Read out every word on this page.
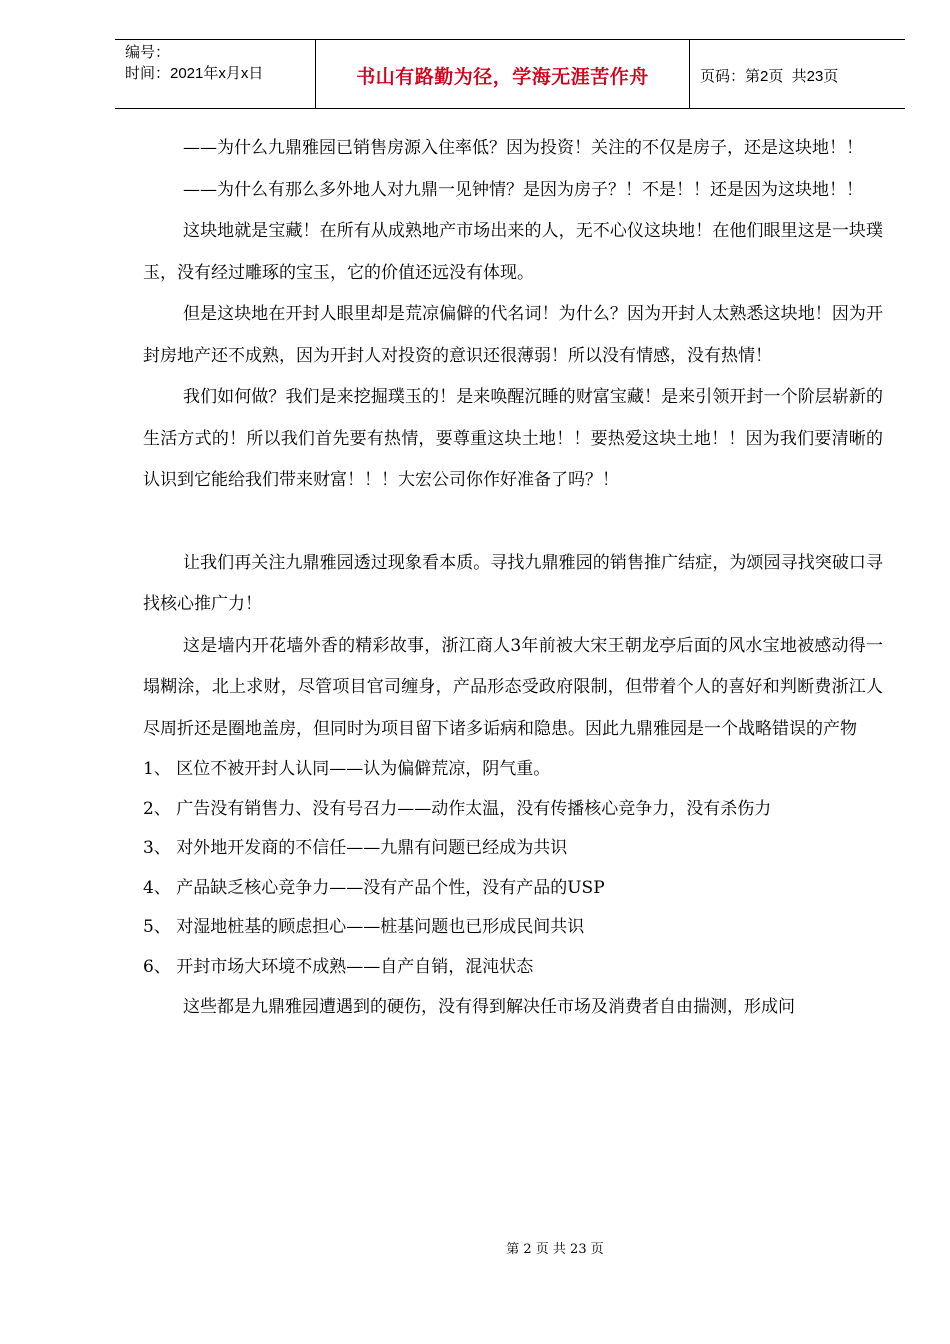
编号：
时间：2021年x月x日	书山有路勤为径，学海无涯苦作舟	页码：第2页  共23页

——为什么九鼎雅园已销售房源入住率低？因为投资！关注的不仅是房子，还是这块地！！

——为什么有那么多外地人对九鼎一见钟情？是因为房子？！不是！！还是因为这块地！！

这块地就是宝藏！在所有从成熟地产市场出来的人，无不心仪这块地！在他们眼里这是一块璞玉，没有经过雕琢的宝玉，它的价值还远没有体现。

但是这块地在开封人眼里却是荒凉偏僻的代名词！为什么？因为开封人太熟悉这块地！因为开封房地产还不成熟，因为开封人对投资的意识还很薄弱！所以没有情感，没有热情！

我们如何做？我们是来挖掘璞玉的！是来唤醒沉睡的财富宝藏！是来引领开封一个阶层崭新的生活方式的！所以我们首先要有热情，要尊重这块土地！！要热爱这块土地！！因为我们要清晰的认识到它能给我们带来财富！！！大宏公司你作好准备了吗？！

让我们再关注九鼎雅园透过现象看本质。寻找九鼎雅园的销售推广结症，为颂园寻找突破口寻找核心推广力！

这是墙内开花墙外香的精彩故事，浙江商人3年前被大宋王朝龙亭后面的风水宝地被感动得一塌糊涂，北上求财，尽管项目官司缠身，产品形态受政府限制，但带着个人的喜好和判断费浙江人尽周折还是圈地盖房，但同时为项目留下诸多诟病和隐患。因此九鼎雅园是一个战略错误的产物

1、 区位不被开封人认同——认为偏僻荒凉，阴气重。

2、 广告没有销售力、没有号召力——动作太温，没有传播核心竞争力，没有杀伤力

3、 对外地开发商的不信任——九鼎有问题已经成为共识

4、 产品缺乏核心竞争力——没有产品个性，没有产品的USP

5、 对湿地桩基的顾虑担心——桩基问题也已形成民间共识

6、 开封市场大环境不成熟——自产自销，混沌状态

这些都是九鼎雅园遭遇到的硬伤，没有得到解决任市场及消费者自由揣测，形成问

第 2 页 共 23 页
